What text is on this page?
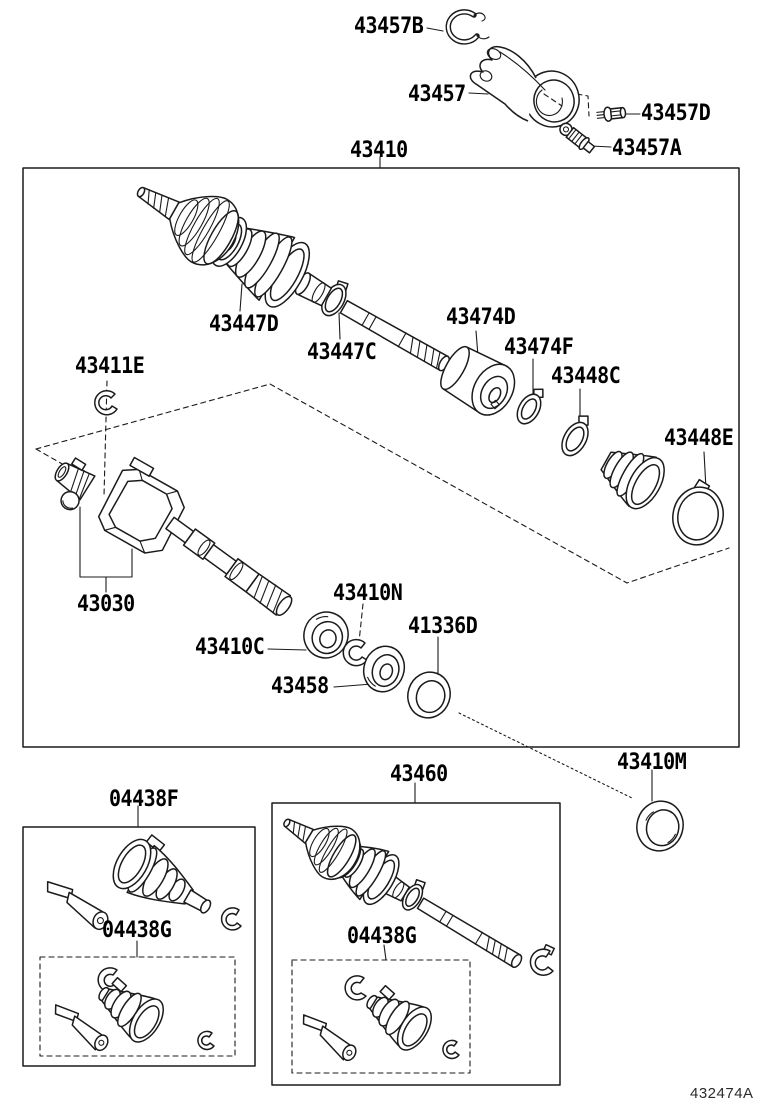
43457B
43457
43457D
43457A
43410
43447D
43447C
43474D
43474F
43448C
43448E
43411E
43030
43410C
43410N
41336D
43458
43410M
43460
04438F
04438G	04438G
432474A
